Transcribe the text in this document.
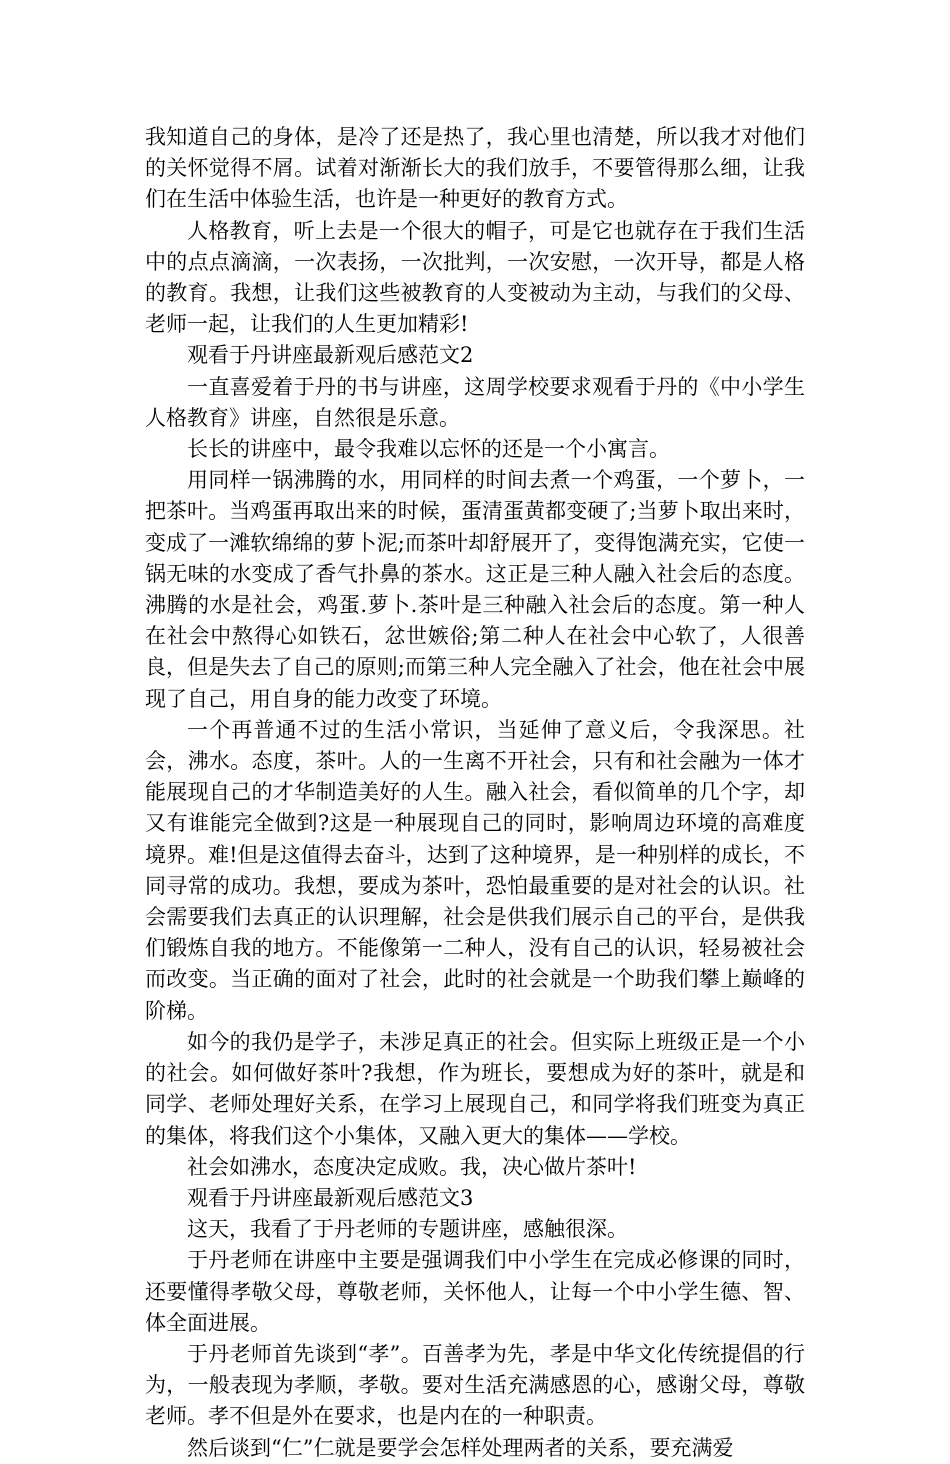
我知道自己的身体，是冷了还是热了，我心里也清楚，所以我才对他们的关怀觉得不屑。试着对渐渐长大的我们放手，不要管得那么细，让我们在生活中体验生活，也许是一种更好的教育方式。

人格教育，听上去是一个很大的帽子，可是它也就存在于我们生活中的点点滴滴，一次表扬，一次批判，一次安慰，一次开导，都是人格的教育。我想，让我们这些被教育的人变被动为主动，与我们的父母、老师一起，让我们的人生更加精彩!

观看于丹讲座最新观后感范文2

一直喜爱着于丹的书与讲座，这周学校要求观看于丹的《中小学生人格教育》讲座，自然很是乐意。

长长的讲座中，最令我难以忘怀的还是一个小寓言。

用同样一锅沸腾的水，用同样的时间去煮一个鸡蛋，一个萝卜，一把茶叶。当鸡蛋再取出来的时候，蛋清蛋黄都变硬了;当萝卜取出来时，变成了一滩软绵绵的萝卜泥;而茶叶却舒展开了，变得饱满充实，它使一锅无味的水变成了香气扑鼻的茶水。这正是三种人融入社会后的态度。沸腾的水是社会，鸡蛋.萝卜.茶叶是三种融入社会后的态度。第一种人在社会中熬得心如铁石，忿世嫉俗;第二种人在社会中心软了，人很善良，但是失去了自己的原则;而第三种人完全融入了社会，他在社会中展现了自己，用自身的能力改变了环境。

一个再普通不过的生活小常识，当延伸了意义后，令我深思。社会，沸水。态度，茶叶。人的一生离不开社会，只有和社会融为一体才能展现自己的才华制造美好的人生。融入社会，看似简单的几个字，却又有谁能完全做到?这是一种展现自己的同时，影响周边环境的高难度境界。难!但是这值得去奋斗，达到了这种境界，是一种别样的成长，不同寻常的成功。我想，要成为茶叶，恐怕最重要的是对社会的认识。社会需要我们去真正的认识理解，社会是供我们展示自己的平台，是供我们锻炼自我的地方。不能像第一二种人，没有自己的认识，轻易被社会而改变。当正确的面对了社会，此时的社会就是一个助我们攀上巅峰的阶梯。

如今的我仍是学子，未涉足真正的社会。但实际上班级正是一个小的社会。如何做好茶叶?我想，作为班长，要想成为好的茶叶，就是和同学、老师处理好关系，在学习上展现自己，和同学将我们班变为真正的集体，将我们这个小集体，又融入更大的集体——学校。

社会如沸水，态度决定成败。我，决心做片茶叶!

观看于丹讲座最新观后感范文3

这天，我看了于丹老师的专题讲座，感触很深。

于丹老师在讲座中主要是强调我们中小学生在完成必修课的同时，还要懂得孝敬父母，尊敬老师，关怀他人，让每一个中小学生德、智、体全面进展。

于丹老师首先谈到“孝”。百善孝为先，孝是中华文化传统提倡的行为，一般表现为孝顺，孝敬。要对生活充满感恩的心，感谢父母，尊敬老师。孝不但是外在要求，也是内在的一种职责。

然后谈到“仁”仁就是要学会怎样处理两者的关系，要充满爱
